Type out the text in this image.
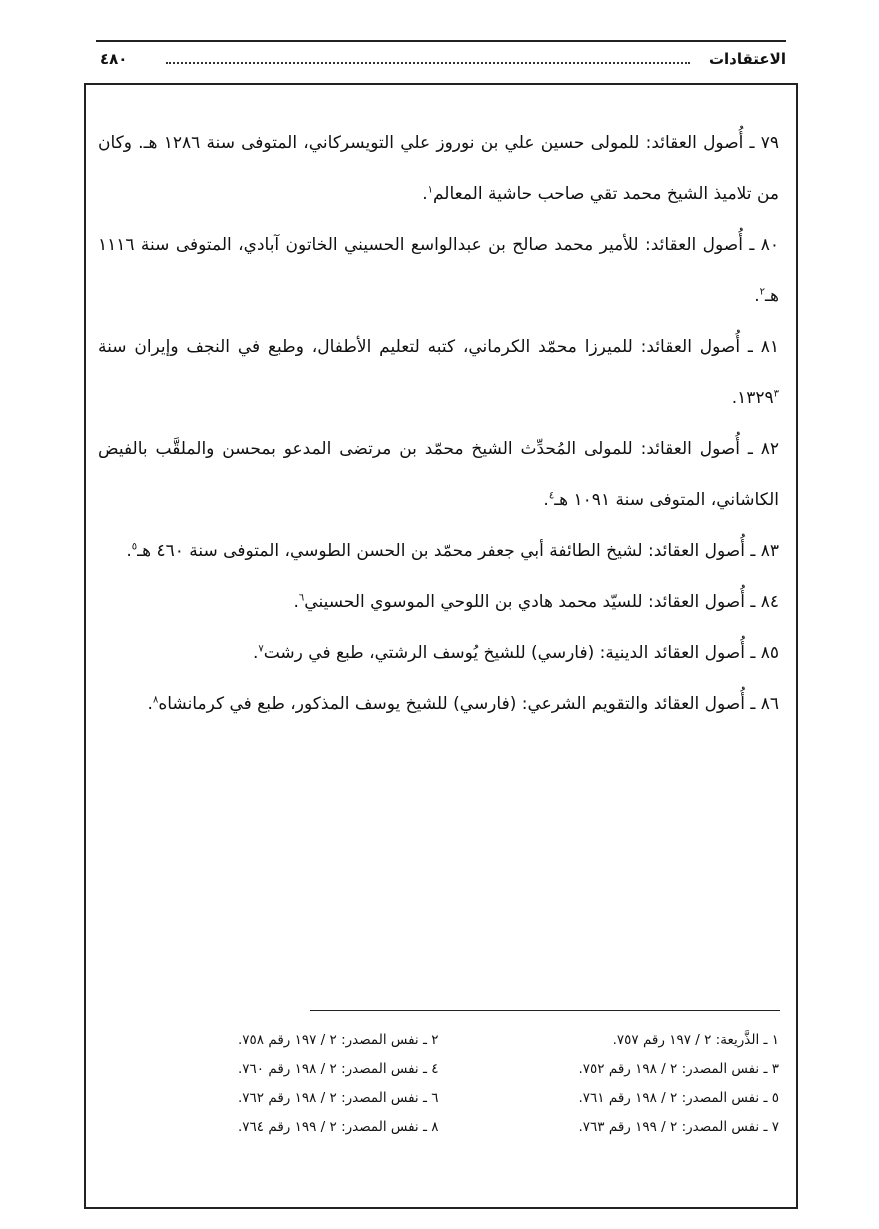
الاعتقادات
٤٨٠

٧٩ ـ أُصول العقائد: للمولى حسين علي بن نوروز علي التويسركاني، المتوفى سنة ١٢٨٦ هـ. وكان من تلاميذ الشيخ محمد تقي صاحب حاشية المعالم$^١$.

٨٠ ـ أُصول العقائد: للأمير محمد صالح بن عبدالواسع الحسيني الخاتون آبادي، المتوفى سنة ١١١٦ هـ$^٢$.

٨١ ـ أُصول العقائد: للميرزا محمّد الكرماني، كتبه لتعليم الأطفال، وطبع في النجف وإيران سنة ١٣٢٩$^٣$.

٨٢ ـ أُصول العقائد: للمولى المُحدِّث الشيخ محمّد بن مرتضى المدعو بمحسن والملقَّب بالفيض الكاشاني، المتوفى سنة ١٠٩١ هـ$^٤$.

٨٣ ـ أُصول العقائد: لشيخ الطائفة أبي جعفر محمّد بن الحسن الطوسي، المتوفى سنة ٤٦٠ هـ$^٥$.

٨٤ ـ أُصول العقائد: للسيّد محمد هادي بن اللوحي الموسوي الحسيني$^٦$.

٨٥ ـ أُصول العقائد الدينية: (فارسي) للشيخ يُوسف الرشتي، طبع في رشت$^٧$.

٨٦ ـ أُصول العقائد والتقويم الشرعي: (فارسي) للشيخ يوسف المذكور، طبع في كرمانشاه$^٨$.

١ ـ الذَّريعة: ٢ / ١٩٧ رقم ٧٥٧.
٢ ـ نفس المصدر: ٢ / ١٩٧ رقم ٧٥٨.
٣ ـ نفس المصدر: ٢ / ١٩٨ رقم ٧٥٢.
٤ ـ نفس المصدر: ٢ / ١٩٨ رقم ٧٦٠.
٥ ـ نفس المصدر: ٢ / ١٩٨ رقم ٧٦١.
٦ ـ نفس المصدر: ٢ / ١٩٨ رقم ٧٦٢.
٧ ـ نفس المصدر: ٢ / ١٩٩ رقم ٧٦٣.
٨ ـ نفس المصدر: ٢ / ١٩٩ رقم ٧٦٤.
